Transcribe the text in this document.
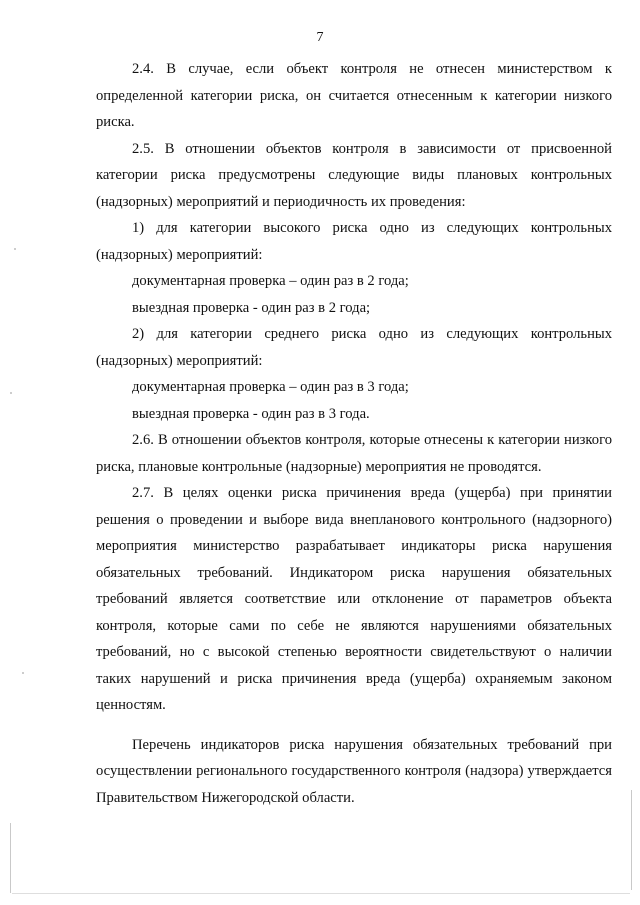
7

2.4. В случае, если объект контроля не отнесен министерством к определенной категории риска, он считается отнесенным к категории низкого риска.

2.5. В отношении объектов контроля в зависимости от присвоенной категории риска предусмотрены следующие виды плановых контрольных (надзорных) мероприятий и периодичность их проведения:

1) для категории высокого риска одно из следующих контрольных (надзорных) мероприятий:

документарная проверка – один раз в 2 года;

выездная проверка - один раз в 2 года;

2) для категории среднего риска одно из следующих контрольных (надзорных) мероприятий:

документарная проверка – один раз в 3 года;

выездная проверка - один раз в 3 года.

2.6. В отношении объектов контроля, которые отнесены к категории низкого риска, плановые контрольные (надзорные) мероприятия не проводятся.

2.7. В целях оценки риска причинения вреда (ущерба) при принятии решения о проведении и выборе вида внепланового контрольного (надзорного) мероприятия министерство разрабатывает индикаторы риска нарушения обязательных требований. Индикатором риска нарушения обязательных требований является соответствие или отклонение от параметров объекта контроля, которые сами по себе не являются нарушениями обязательных требований, но с высокой степенью вероятности свидетельствуют о наличии таких нарушений и риска причинения вреда (ущерба) охраняемым законом ценностям.

Перечень индикаторов риска нарушения обязательных требований при осуществлении регионального государственного контроля (надзора) утверждается Правительством Нижегородской области.
